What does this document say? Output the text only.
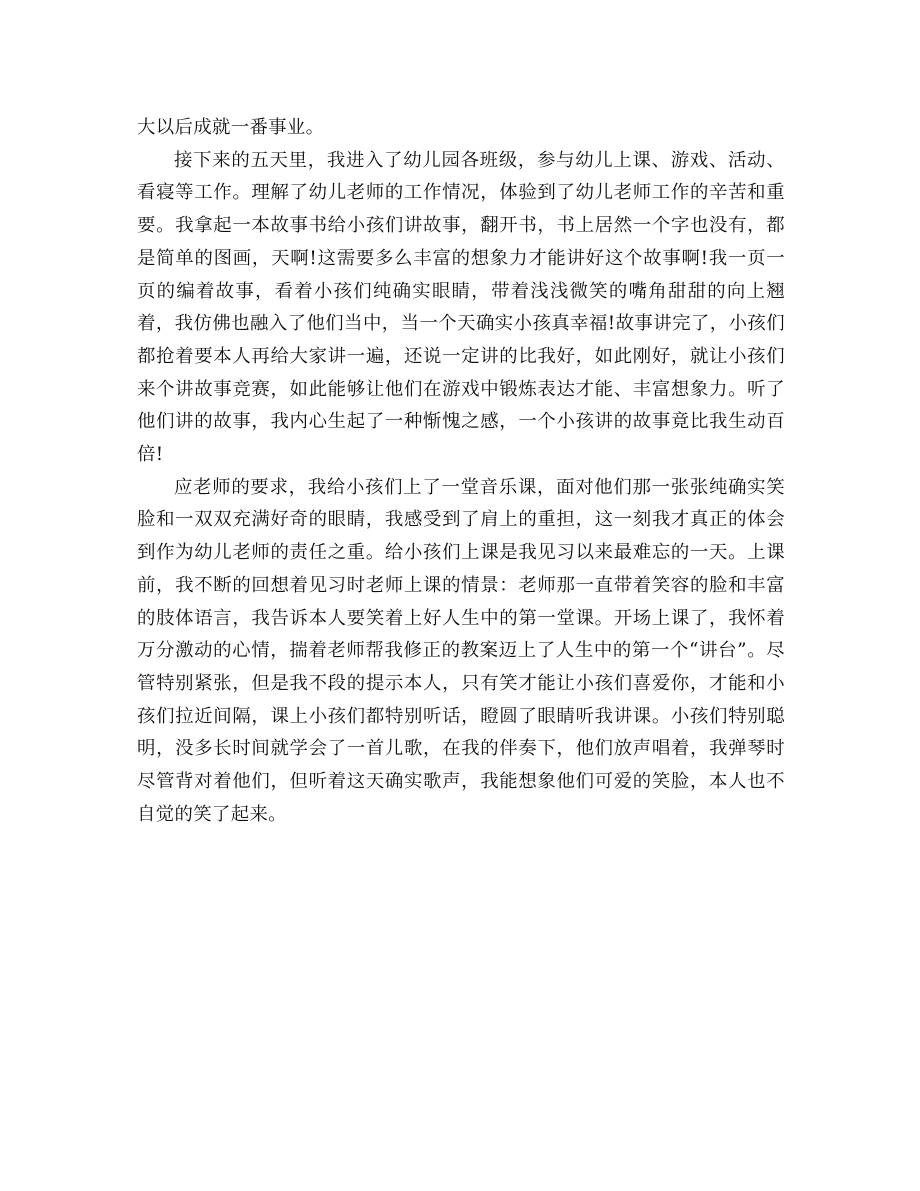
大以后成就一番事业。

接下来的五天里，我进入了幼儿园各班级，参与幼儿上课、游戏、活动、看寝等工作。理解了幼儿老师的工作情况，体验到了幼儿老师工作的辛苦和重要。我拿起一本故事书给小孩们讲故事，翻开书，书上居然一个字也没有，都是简单的图画，天啊!这需要多么丰富的想象力才能讲好这个故事啊!我一页一页的编着故事，看着小孩们纯确实眼睛，带着浅浅微笑的嘴角甜甜的向上翘着，我仿佛也融入了他们当中，当一个天确实小孩真幸福!故事讲完了，小孩们都抢着要本人再给大家讲一遍，还说一定讲的比我好，如此刚好，就让小孩们来个讲故事竞赛，如此能够让他们在游戏中锻炼表达才能、丰富想象力。听了他们讲的故事，我内心生起了一种惭愧之感，一个小孩讲的故事竟比我生动百倍!

应老师的要求，我给小孩们上了一堂音乐课，面对他们那一张张纯确实笑脸和一双双充满好奇的眼睛，我感受到了肩上的重担，这一刻我才真正的体会到作为幼儿老师的责任之重。给小孩们上课是我见习以来最难忘的一天。上课前，我不断的回想着见习时老师上课的情景：老师那一直带着笑容的脸和丰富的肢体语言，我告诉本人要笑着上好人生中的第一堂课。开场上课了，我怀着万分激动的心情，揣着老师帮我修正的教案迈上了人生中的第一个“讲台”。尽管特别紧张，但是我不段的提示本人，只有笑才能让小孩们喜爱你，才能和小孩们拉近间隔，课上小孩们都特别听话，瞪圆了眼睛听我讲课。小孩们特别聪明，没多长时间就学会了一首儿歌，在我的伴奏下，他们放声唱着，我弹琴时尽管背对着他们，但听着这天确实歌声，我能想象他们可爱的笑脸，本人也不自觉的笑了起来。
